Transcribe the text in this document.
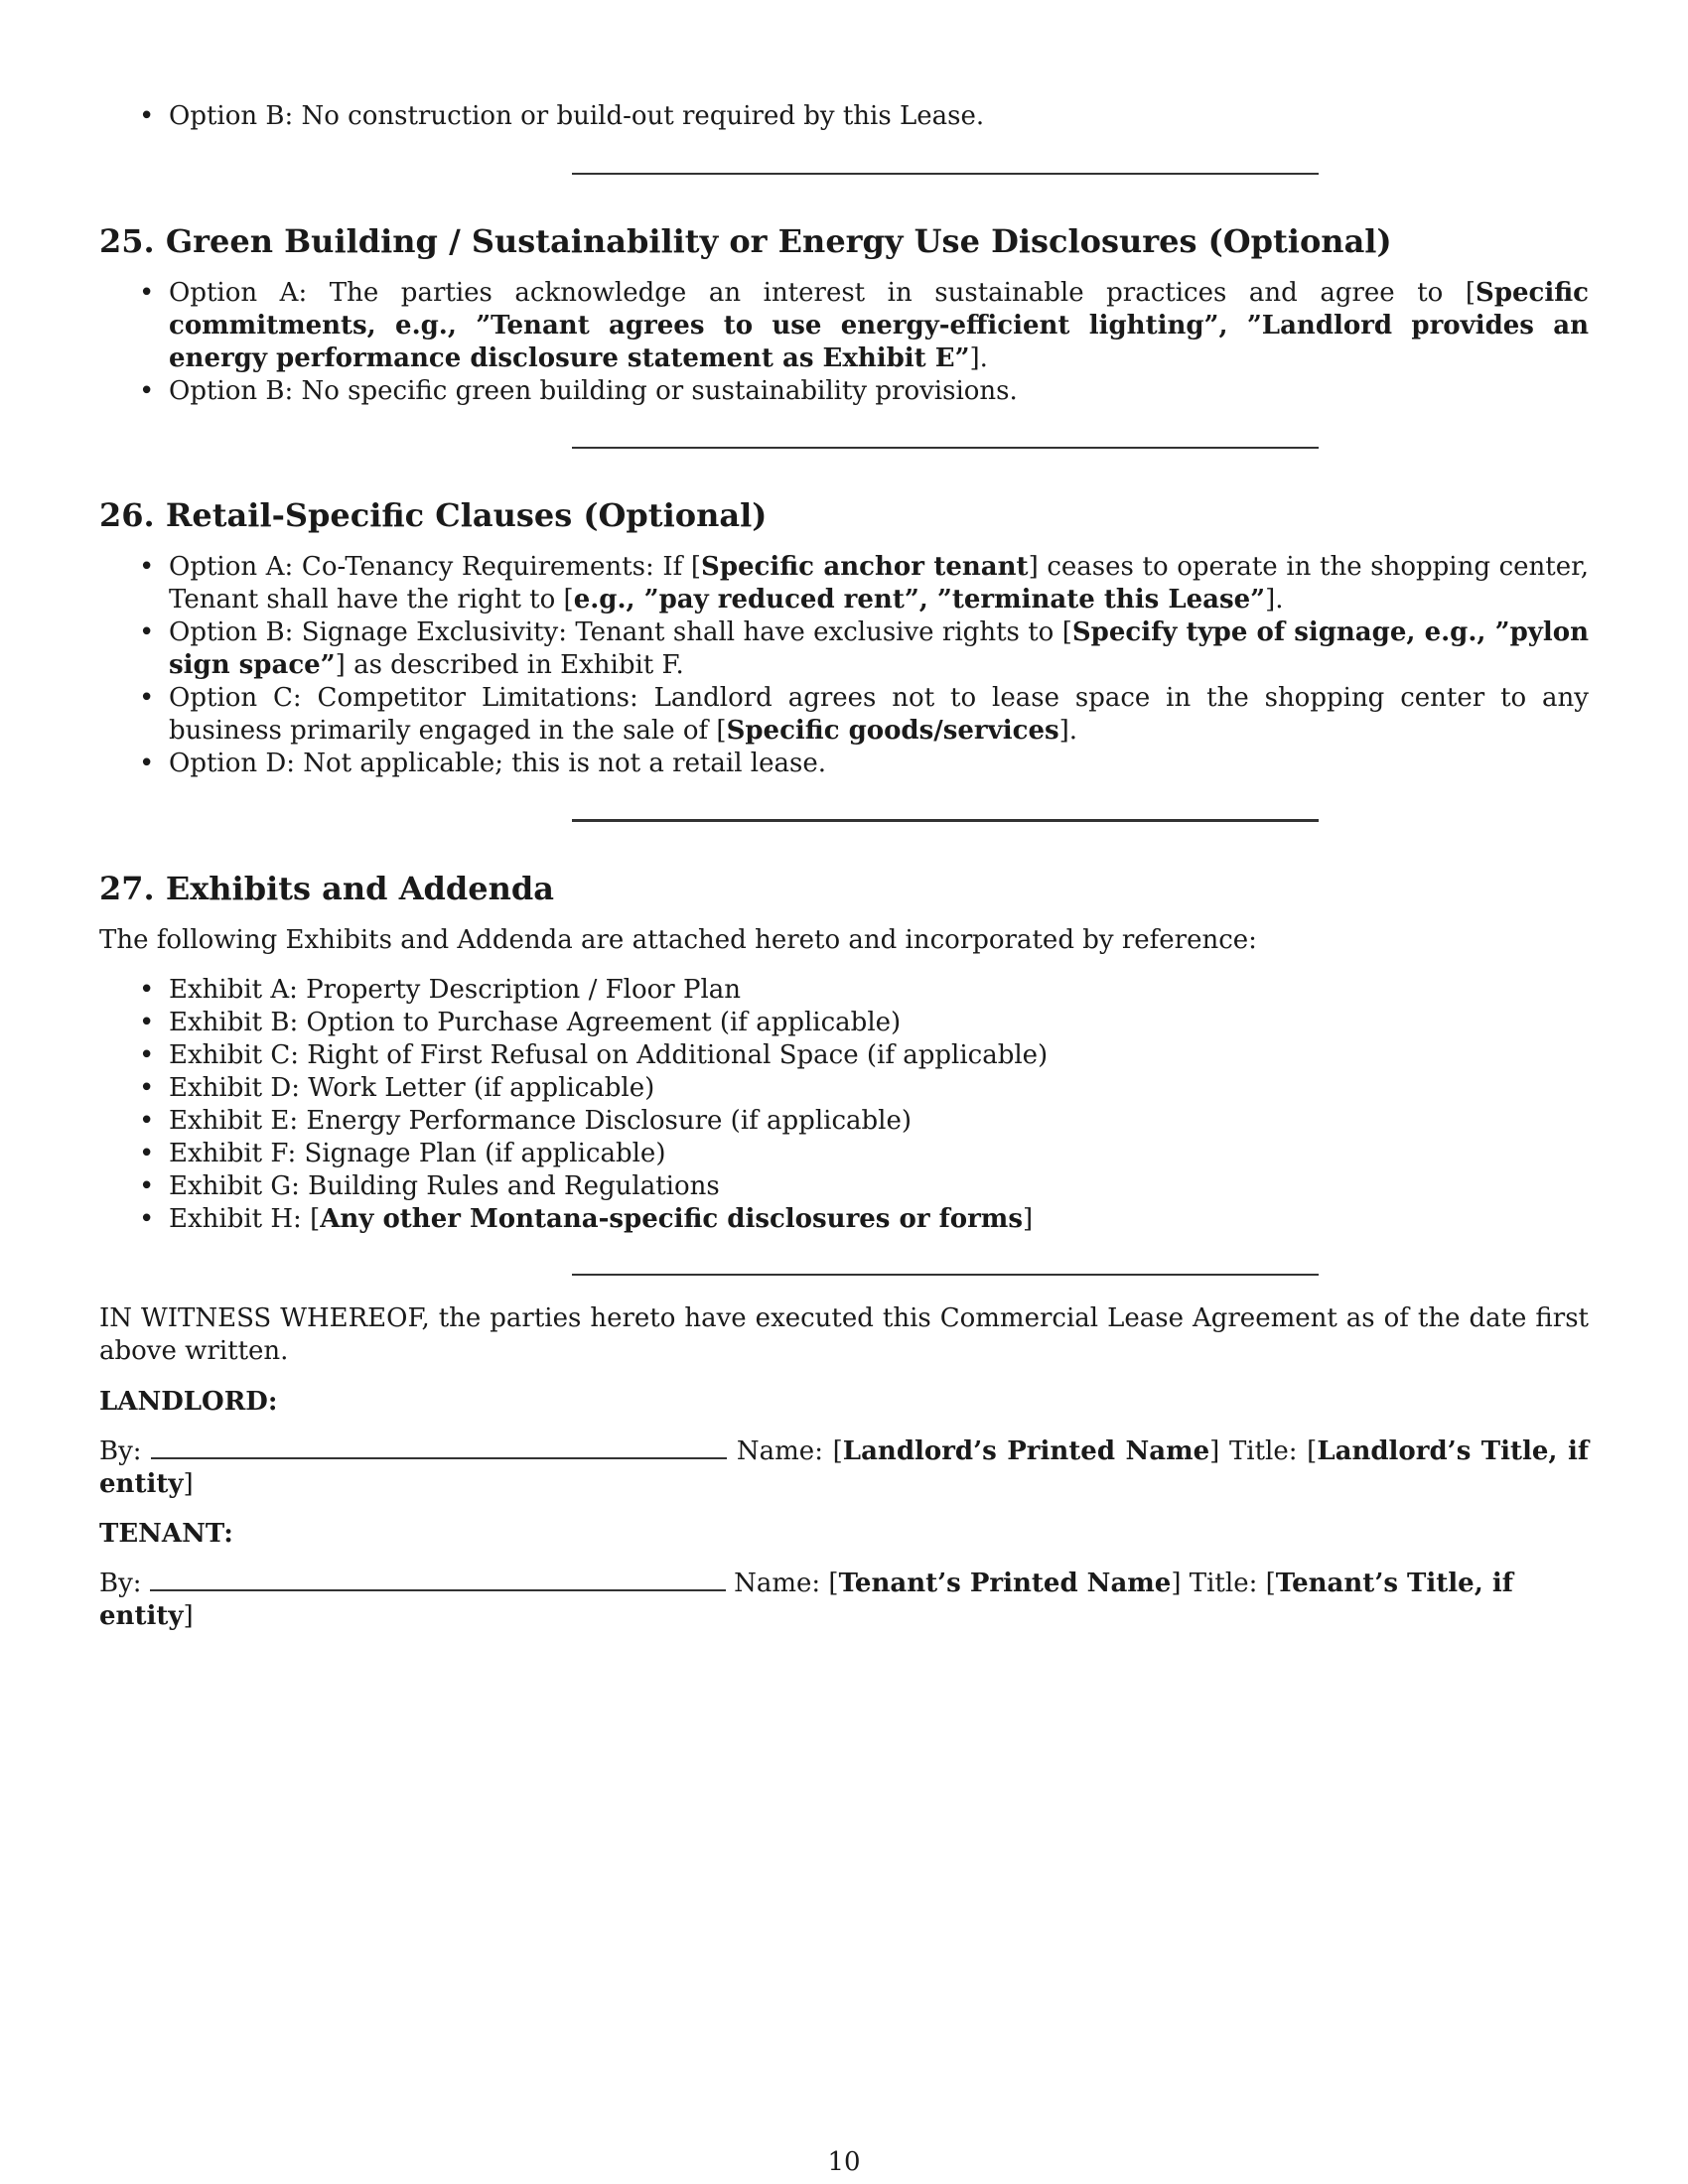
• Option B: No construction or build-out required by this Lease.
25. Green Building / Sustainability or Energy Use Disclosures (Optional)
• Option A: The parties acknowledge an interest in sustainable practices and agree to [Specific commitments, e.g., ”Tenant agrees to use energy-efficient lighting”, ”Landlord provides an energy performance disclosure statement as Exhibit E”].
• Option B: No specific green building or sustainability provisions.
26. Retail-Specific Clauses (Optional)
• Option A: Co-Tenancy Requirements: If [Specific anchor tenant] ceases to operate in the shopping center, Tenant shall have the right to [e.g., ”pay reduced rent”, ”terminate this Lease”].
• Option B: Signage Exclusivity: Tenant shall have exclusive rights to [Specify type of signage, e.g., ”pylon sign space”] as described in Exhibit F.
• Option C: Competitor Limitations: Landlord agrees not to lease space in the shopping center to any business primarily engaged in the sale of [Specific goods/services].
• Option D: Not applicable; this is not a retail lease.
27. Exhibits and Addenda
The following Exhibits and Addenda are attached hereto and incorporated by reference:
• Exhibit A: Property Description / Floor Plan
• Exhibit B: Option to Purchase Agreement (if applicable)
• Exhibit C: Right of First Refusal on Additional Space (if applicable)
• Exhibit D: Work Letter (if applicable)
• Exhibit E: Energy Performance Disclosure (if applicable)
• Exhibit F: Signage Plan (if applicable)
• Exhibit G: Building Rules and Regulations
• Exhibit H: [Any other Montana-specific disclosures or forms]
IN WITNESS WHEREOF, the parties hereto have executed this Commercial Lease Agreement as of the date first above written.
LANDLORD:
By:	Name: [Landlord’s Printed Name] Title: [Landlord’s Title, if entity]
TENANT:
By:	Name: [Tenant’s Printed Name] Title: [Tenant’s Title, if entity]
10
